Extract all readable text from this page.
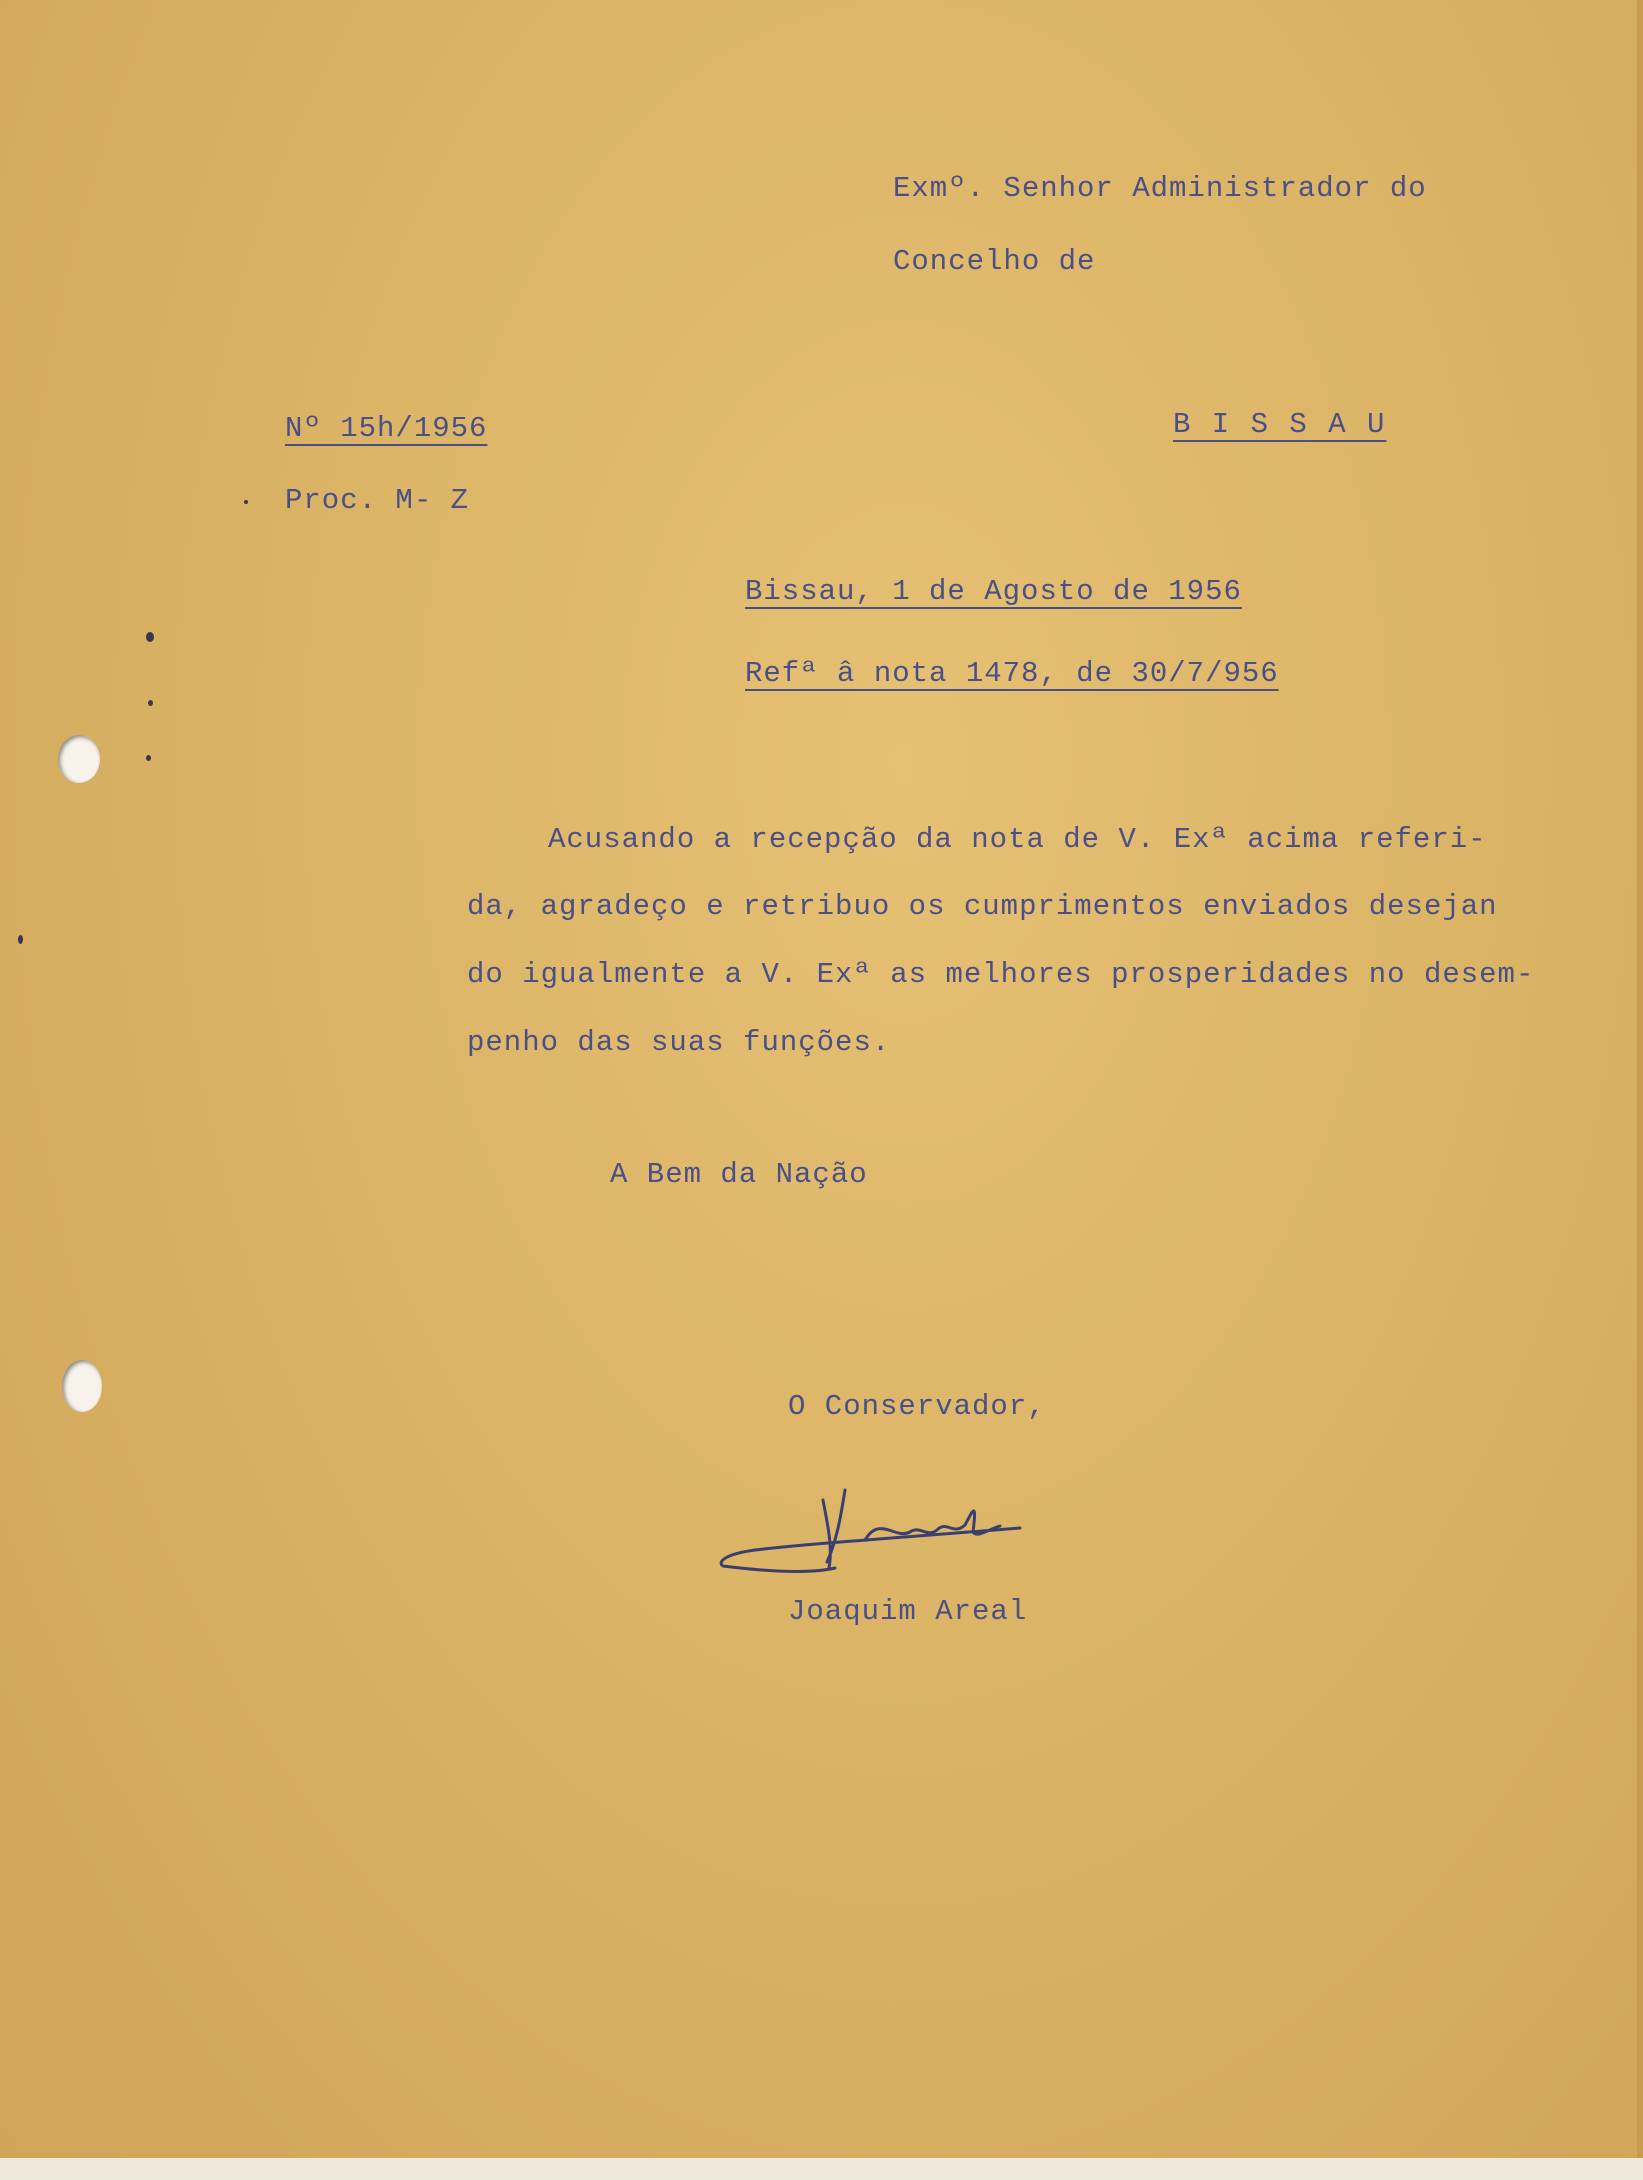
Exmº. Senhor Administrador do
Concelho de
Nº 15h/1956	B I S S A U
Proc. M- Z
Bissau, 1 de Agosto de 1956
Refª â nota 1478, de 30/7/956
Acusando a recepção da nota de V. Exª acima referi-
da, agradeço e retribuo os cumprimentos enviados desejan
do igualmente a V. Exª as melhores prosperidades no desem-
penho das suas funções.
A Bem da Nação
O Conservador,
Joaquim Areal
